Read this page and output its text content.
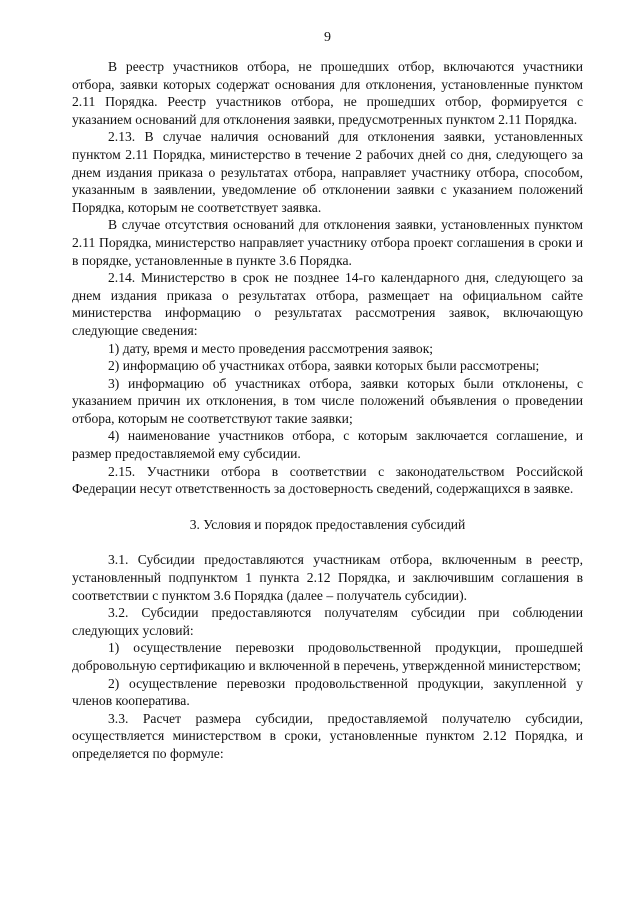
9

В реестр участников отбора, не прошедших отбор, включаются участники отбора, заявки которых содержат основания для отклонения, установленные пунктом 2.11 Порядка. Реестр участников отбора, не прошедших отбор, формируется с указанием оснований для отклонения заявки, предусмотренных пунктом 2.11 Порядка.

2.13. В случае наличия оснований для отклонения заявки, установленных пунктом 2.11 Порядка, министерство в течение 2 рабочих дней со дня, следующего за днем издания приказа о результатах отбора, направляет участнику отбора, способом, указанным в заявлении, уведомление об отклонении заявки с указанием положений Порядка, которым не соответствует заявка.

В случае отсутствия оснований для отклонения заявки, установленных пунктом 2.11 Порядка, министерство направляет участнику отбора проект соглашения в сроки и в порядке, установленные в пункте 3.6 Порядка.

2.14. Министерство в срок не позднее 14-го календарного дня, следующего за днем издания приказа о результатах отбора, размещает на официальном сайте министерства информацию о результатах рассмотрения заявок, включающую следующие сведения:

1) дату, время и место проведения рассмотрения заявок;

2) информацию об участниках отбора, заявки которых были рассмотрены;

3) информацию об участниках отбора, заявки которых были отклонены, с указанием причин их отклонения, в том числе положений объявления о проведении отбора, которым не соответствуют такие заявки;

4) наименование участников отбора, с которым заключается соглашение, и размер предоставляемой ему субсидии.

2.15. Участники отбора в соответствии с законодательством Российской Федерации несут ответственность за достоверность сведений, содержащихся в заявке.

3. Условия и порядок предоставления субсидий

3.1. Субсидии предоставляются участникам отбора, включенным в реестр, установленный подпунктом 1 пункта 2.12 Порядка, и заключившим соглашения в соответствии с пунктом 3.6 Порядка (далее – получатель субсидии).

3.2. Субсидии предоставляются получателям субсидии при соблюдении следующих условий:

1) осуществление перевозки продовольственной продукции, прошедшей добровольную сертификацию и включенной в перечень, утвержденной министерством;

2) осуществление перевозки продовольственной продукции, закупленной у членов кооператива.

3.3. Расчет размера субсидии, предоставляемой получателю субсидии, осуществляется министерством в сроки, установленные пунктом 2.12 Порядка, и определяется по формуле:
